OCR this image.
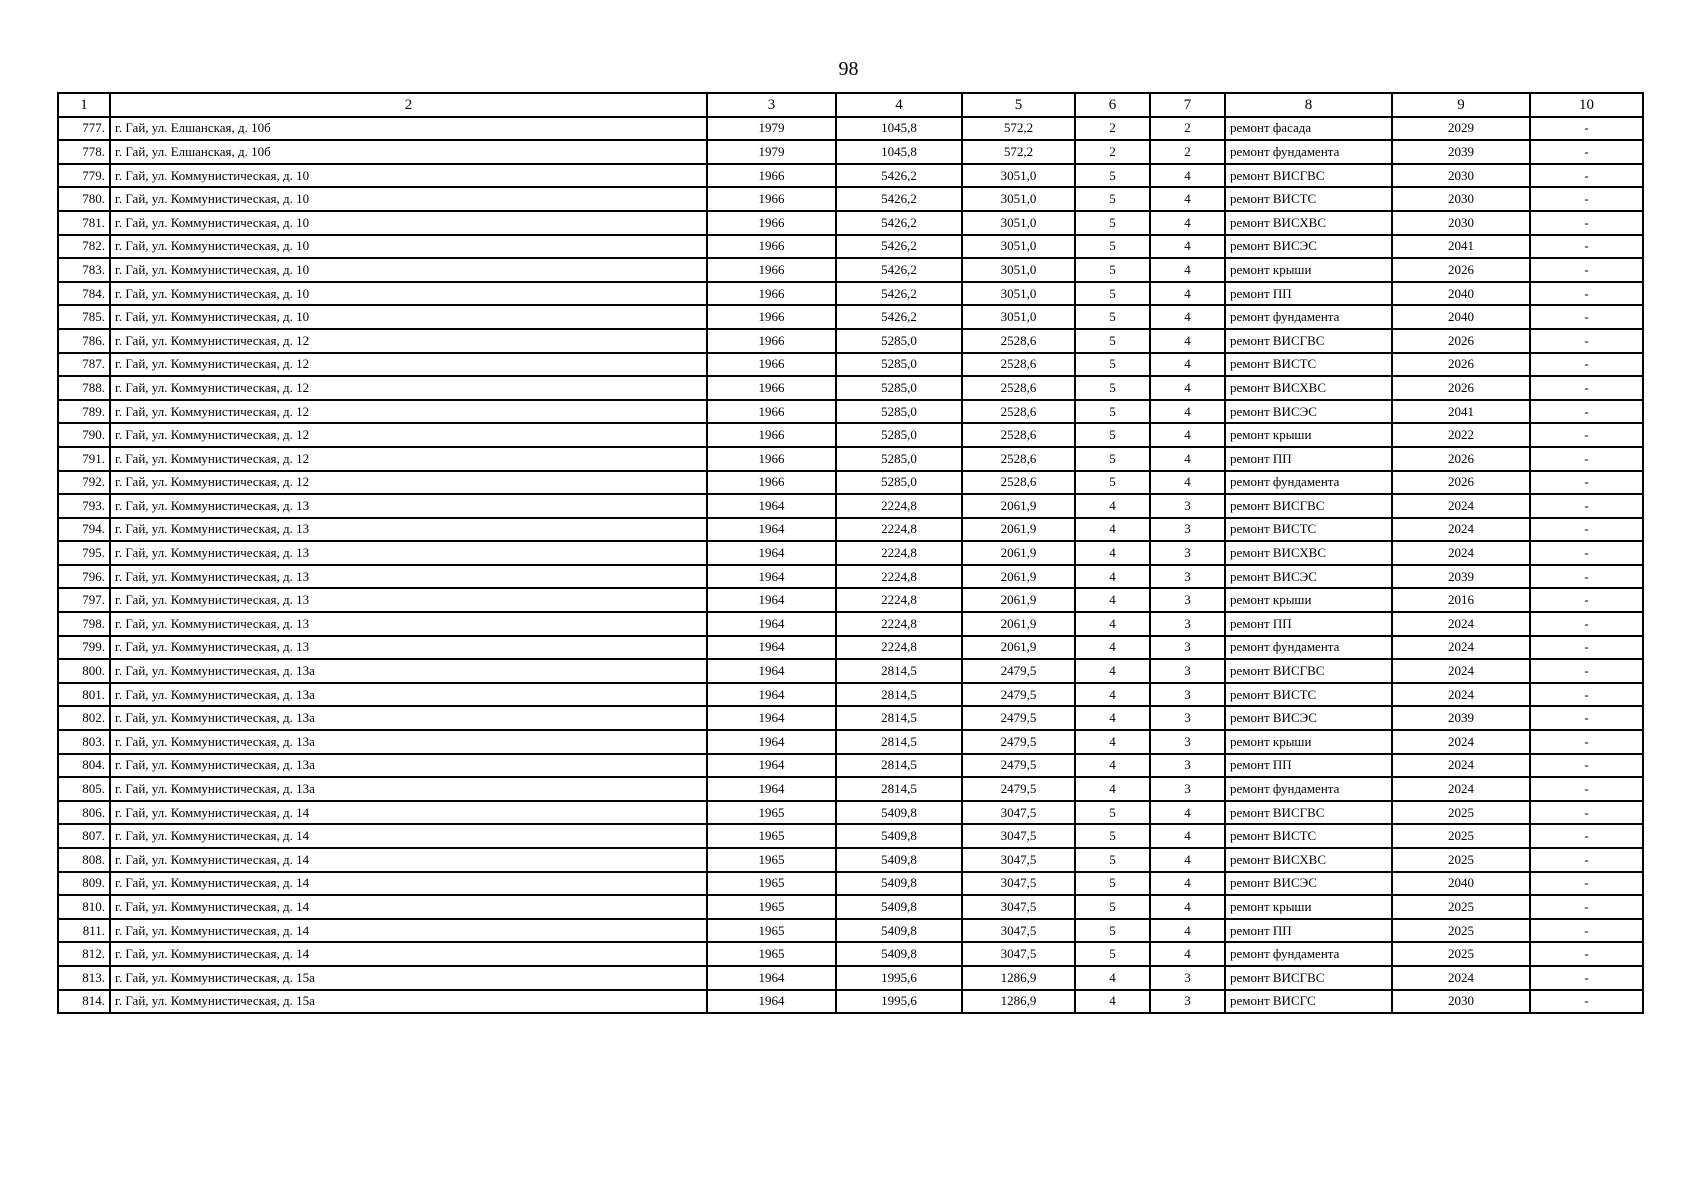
98
1	2	3	4	5	6	7	8	9	10
777.	г. Гай, ул. Елшанская, д. 10б	1979	1045,8	572,2	2	2	ремонт фасада	2029	-
778.	г. Гай, ул. Елшанская, д. 10б	1979	1045,8	572,2	2	2	ремонт фундамента	2039	-
779.	г. Гай, ул. Коммунистическая, д. 10	1966	5426,2	3051,0	5	4	ремонт ВИСГВС	2030	-
780.	г. Гай, ул. Коммунистическая, д. 10	1966	5426,2	3051,0	5	4	ремонт ВИСТС	2030	-
781.	г. Гай, ул. Коммунистическая, д. 10	1966	5426,2	3051,0	5	4	ремонт ВИСХВС	2030	-
782.	г. Гай, ул. Коммунистическая, д. 10	1966	5426,2	3051,0	5	4	ремонт ВИСЭС	2041	-
783.	г. Гай, ул. Коммунистическая, д. 10	1966	5426,2	3051,0	5	4	ремонт крыши	2026	-
784.	г. Гай, ул. Коммунистическая, д. 10	1966	5426,2	3051,0	5	4	ремонт ПП	2040	-
785.	г. Гай, ул. Коммунистическая, д. 10	1966	5426,2	3051,0	5	4	ремонт фундамента	2040	-
786.	г. Гай, ул. Коммунистическая, д. 12	1966	5285,0	2528,6	5	4	ремонт ВИСГВС	2026	-
787.	г. Гай, ул. Коммунистическая, д. 12	1966	5285,0	2528,6	5	4	ремонт ВИСТС	2026	-
788.	г. Гай, ул. Коммунистическая, д. 12	1966	5285,0	2528,6	5	4	ремонт ВИСХВС	2026	-
789.	г. Гай, ул. Коммунистическая, д. 12	1966	5285,0	2528,6	5	4	ремонт ВИСЭС	2041	-
790.	г. Гай, ул. Коммунистическая, д. 12	1966	5285,0	2528,6	5	4	ремонт крыши	2022	-
791.	г. Гай, ул. Коммунистическая, д. 12	1966	5285,0	2528,6	5	4	ремонт ПП	2026	-
792.	г. Гай, ул. Коммунистическая, д. 12	1966	5285,0	2528,6	5	4	ремонт фундамента	2026	-
793.	г. Гай, ул. Коммунистическая, д. 13	1964	2224,8	2061,9	4	3	ремонт ВИСГВС	2024	-
794.	г. Гай, ул. Коммунистическая, д. 13	1964	2224,8	2061,9	4	3	ремонт ВИСТС	2024	-
795.	г. Гай, ул. Коммунистическая, д. 13	1964	2224,8	2061,9	4	3	ремонт ВИСХВС	2024	-
796.	г. Гай, ул. Коммунистическая, д. 13	1964	2224,8	2061,9	4	3	ремонт ВИСЭС	2039	-
797.	г. Гай, ул. Коммунистическая, д. 13	1964	2224,8	2061,9	4	3	ремонт крыши	2016	-
798.	г. Гай, ул. Коммунистическая, д. 13	1964	2224,8	2061,9	4	3	ремонт ПП	2024	-
799.	г. Гай, ул. Коммунистическая, д. 13	1964	2224,8	2061,9	4	3	ремонт фундамента	2024	-
800.	г. Гай, ул. Коммунистическая, д. 13а	1964	2814,5	2479,5	4	3	ремонт ВИСГВС	2024	-
801.	г. Гай, ул. Коммунистическая, д. 13а	1964	2814,5	2479,5	4	3	ремонт ВИСТС	2024	-
802.	г. Гай, ул. Коммунистическая, д. 13а	1964	2814,5	2479,5	4	3	ремонт ВИСЭС	2039	-
803.	г. Гай, ул. Коммунистическая, д. 13а	1964	2814,5	2479,5	4	3	ремонт крыши	2024	-
804.	г. Гай, ул. Коммунистическая, д. 13а	1964	2814,5	2479,5	4	3	ремонт ПП	2024	-
805.	г. Гай, ул. Коммунистическая, д. 13а	1964	2814,5	2479,5	4	3	ремонт фундамента	2024	-
806.	г. Гай, ул. Коммунистическая, д. 14	1965	5409,8	3047,5	5	4	ремонт ВИСГВС	2025	-
807.	г. Гай, ул. Коммунистическая, д. 14	1965	5409,8	3047,5	5	4	ремонт ВИСТС	2025	-
808.	г. Гай, ул. Коммунистическая, д. 14	1965	5409,8	3047,5	5	4	ремонт ВИСХВС	2025	-
809.	г. Гай, ул. Коммунистическая, д. 14	1965	5409,8	3047,5	5	4	ремонт ВИСЭС	2040	-
810.	г. Гай, ул. Коммунистическая, д. 14	1965	5409,8	3047,5	5	4	ремонт крыши	2025	-
811.	г. Гай, ул. Коммунистическая, д. 14	1965	5409,8	3047,5	5	4	ремонт ПП	2025	-
812.	г. Гай, ул. Коммунистическая, д. 14	1965	5409,8	3047,5	5	4	ремонт фундамента	2025	-
813.	г. Гай, ул. Коммунистическая, д. 15а	1964	1995,6	1286,9	4	3	ремонт ВИСГВС	2024	-
814.	г. Гай, ул. Коммунистическая, д. 15а	1964	1995,6	1286,9	4	3	ремонт ВИСГС	2030	-
